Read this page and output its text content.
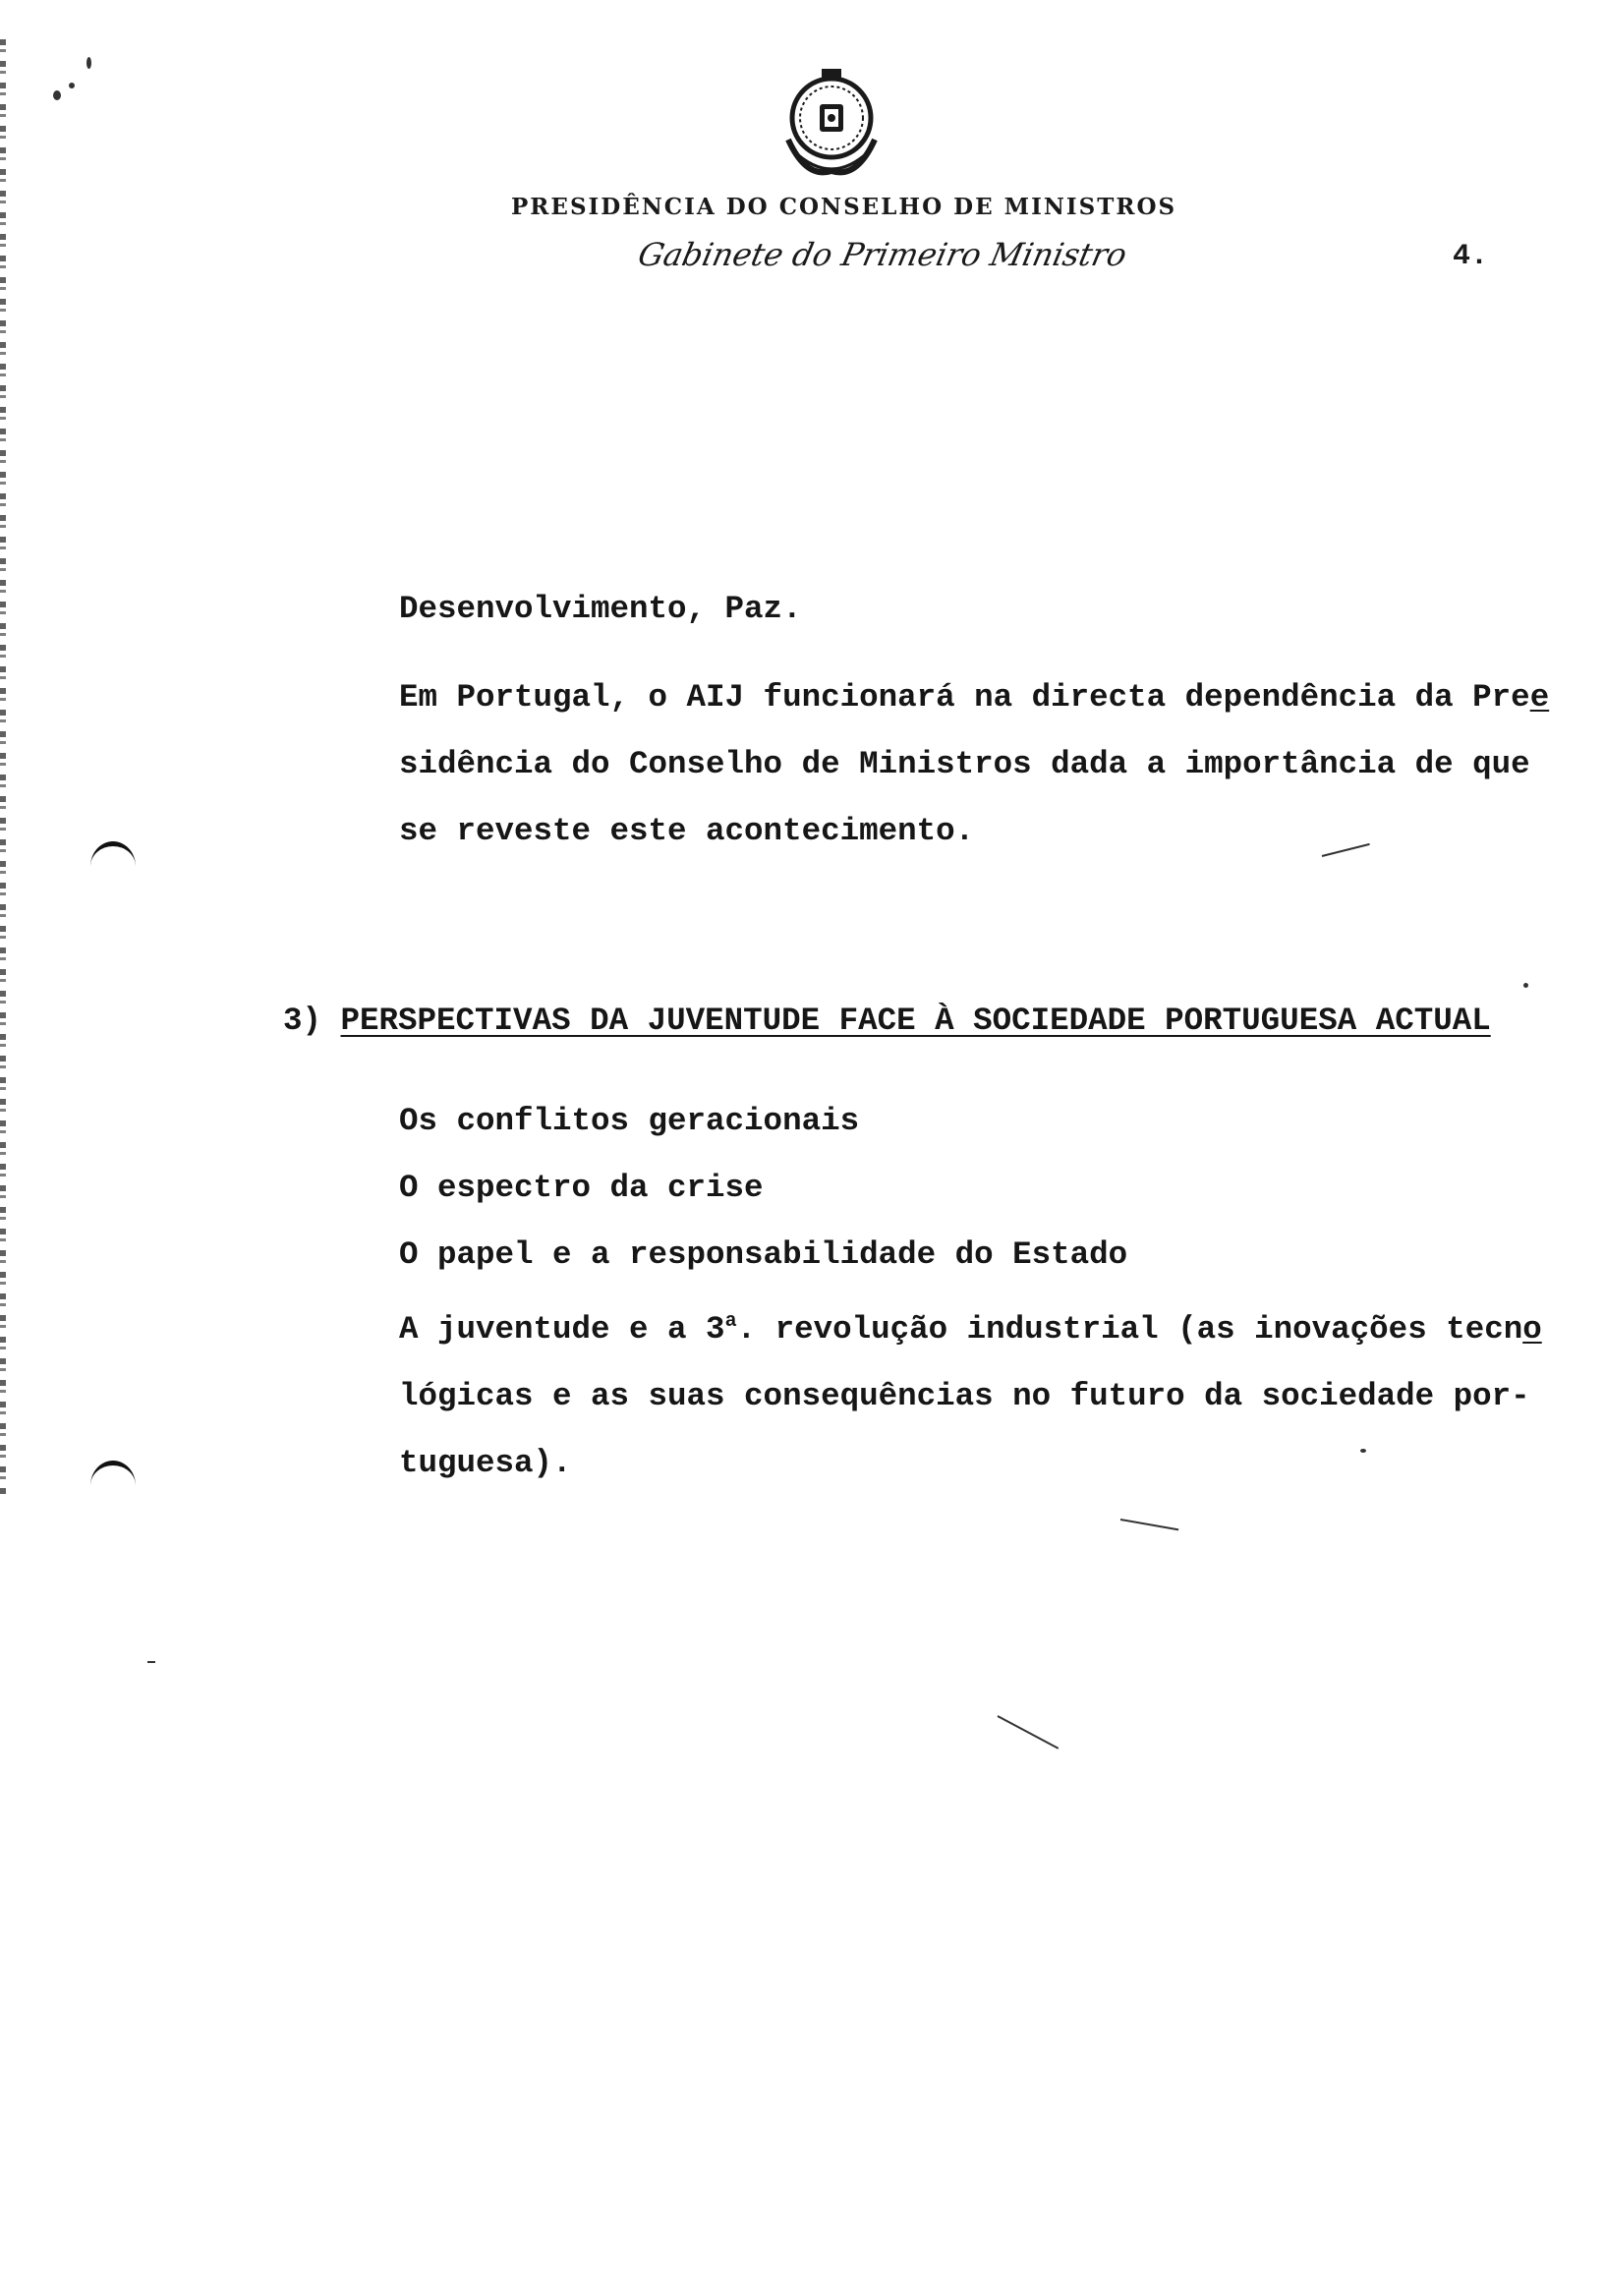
PRESIDÊNCIA DO CONSELHO DE MINISTROS
Gabinete do Primeiro Ministro	4.
Desenvolvimento, Paz.
Em Portugal, o AIJ funcionará na directa dependência da Pree
sidência do Conselho de Ministros dada a importância de que
se reveste este acontecimento.
3) PERSPECTIVAS DA JUVENTUDE FACE À SOCIEDADE PORTUGUESA ACTUAL
Os conflitos geracionais
O espectro da crise
O papel e a responsabilidade do Estado
A juventude e a 3$^a$. revolução industrial (as inovações tecno
lógicas e as suas consequências no futuro da sociedade por-
tuguesa).
